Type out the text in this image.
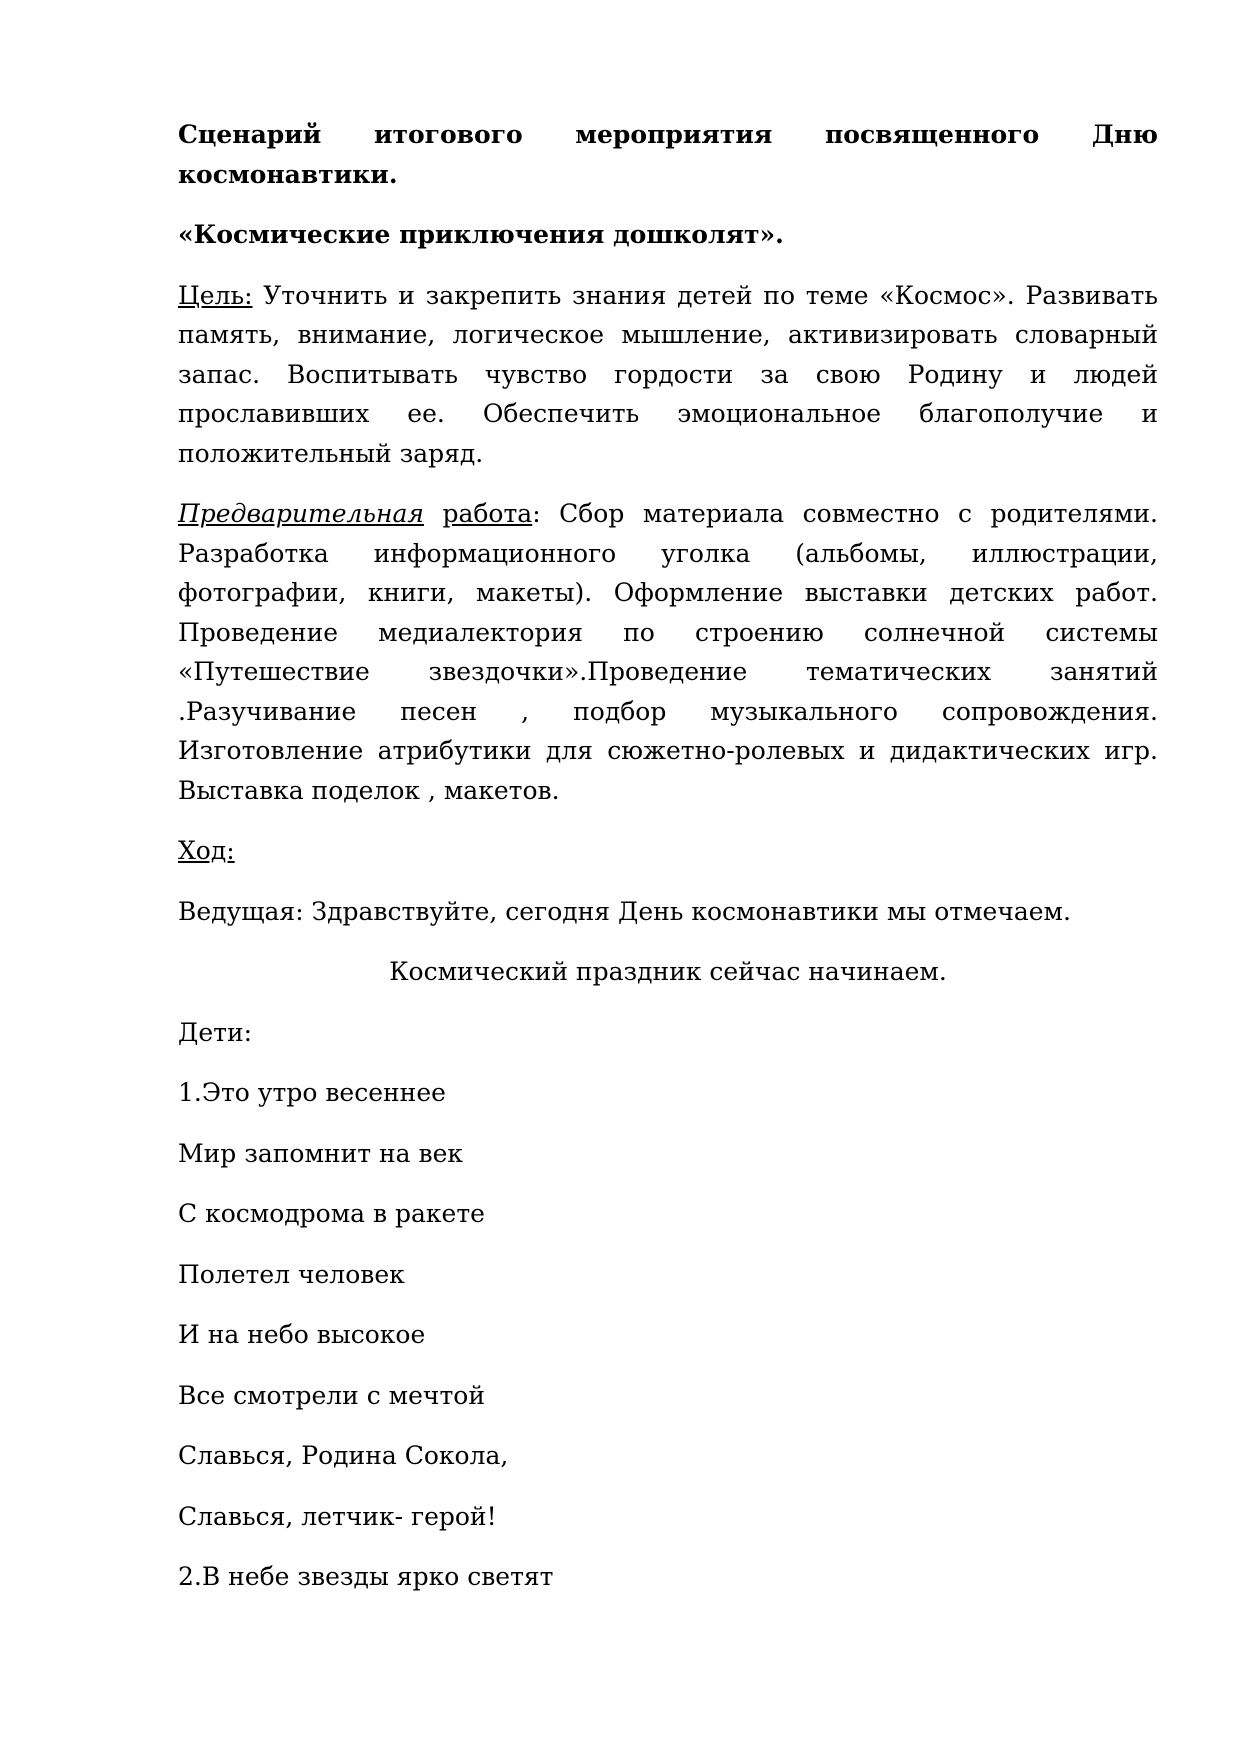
Сценарий итогового мероприятия посвященного Дню
космонавтики.

«Космические приключения дошколят».

Цель: Уточнить и закрепить знания детей по теме «Космос». Развивать память, внимание, логическое мышление, активизировать словарный запас. Воспитывать чувство гордости за свою Родину и людей прославивших ее. Обеспечить эмоциональное благополучие и положительный заряд.

Предварительная работа: Сбор материала совместно с родителями. Разработка информационного уголка (альбомы, иллюстрации, фотографии, книги, макеты). Оформление выставки детских работ. Проведение медиалектория по строению солнечной системы «Путешествие звездочки».Проведение тематических занятий .Разучивание песен , подбор музыкального сопровождения. Изготовление атрибутики для сюжетно-ролевых и дидактических игр. Выставка поделок , макетов.

Ход:

Ведущая: Здравствуйте, сегодня День космонавтики мы отмечаем.

Космический праздник сейчас начинаем.

Дети:

1.Это утро весеннее

Мир запомнит на век

С космодрома в ракете

Полетел человек

И на небо высокое

Все смотрели с мечтой

Славься, Родина Сокола,

Славься, летчик- герой!

2.В небе звезды ярко светят
